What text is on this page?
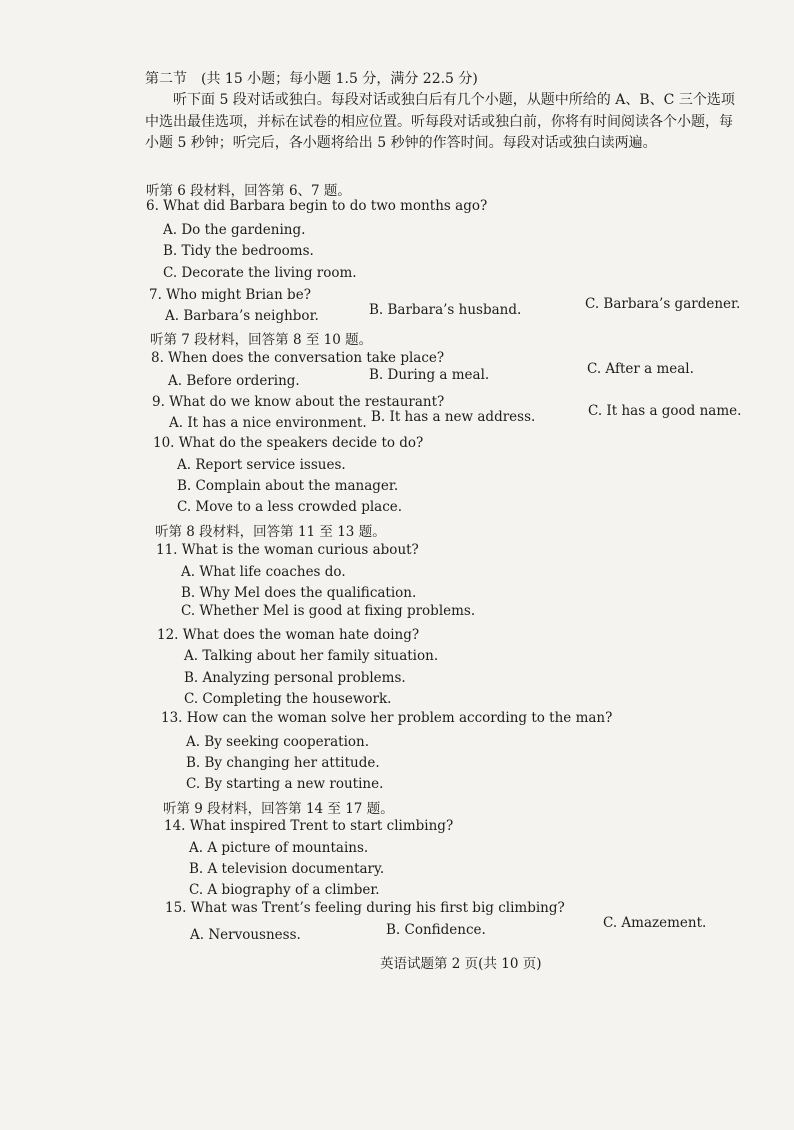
第二节　(共 15 小题；每小题 1.5 分，满分 22.5 分)
听下面 5 段对话或独白。每段对话或独白后有几个小题，从题中所给的 A、B、C 三个选项中选出最佳选项，并标在试卷的相应位置。听每段对话或独白前，你将有时间阅读各个小题，每小题 5 秒钟；听完后，各小题将给出 5 秒钟的作答时间。每段对话或独白读两遍。
听第 6 段材料，回答第 6、7 题。
6. What did Barbara begin to do two months ago?
A. Do the gardening.
B. Tidy the bedrooms.
C. Decorate the living room.
7. Who might Brian be?
A. Barbara’s neighbor.	B. Barbara’s husband.	C. Barbara’s gardener.
听第 7 段材料，回答第 8 至 10 题。
8. When does the conversation take place?
A. Before ordering.	B. During a meal.	C. After a meal.
9. What do we know about the restaurant?
A. It has a nice environment. B. It has a new address.	C. It has a good name.
10. What do the speakers decide to do?
A. Report service issues.
B. Complain about the manager.
C. Move to a less crowded place.
听第 8 段材料，回答第 11 至 13 题。
11. What is the woman curious about?
A. What life coaches do.
B. Why Mel does the qualification.
C. Whether Mel is good at fixing problems.
12. What does the woman hate doing?
A. Talking about her family situation.
B. Analyzing personal problems.
C. Completing the housework.
13. How can the woman solve her problem according to the man?
A. By seeking cooperation.
B. By changing her attitude.
C. By starting a new routine.
听第 9 段材料，回答第 14 至 17 题。
14. What inspired Trent to start climbing?
A. A picture of mountains.
B. A television documentary.
C. A biography of a climber.
15. What was Trent’s feeling during his first big climbing?
A. Nervousness.	B. Confidence.	C. Amazement.
英语试题第 2 页(共 10 页)
